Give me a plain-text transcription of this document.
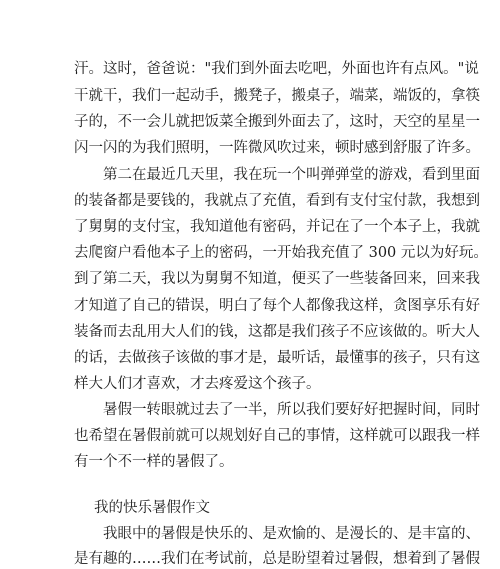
汗。这时，爸爸说："我们到外面去吃吧，外面也许有点风。"说
干就干，我们一起动手，搬凳子，搬桌子，端菜，端饭的，拿筷
子的，不一会儿就把饭菜全搬到外面去了，这时，天空的星星一
闪一闪的为我们照明，一阵微风吹过来，顿时感到舒服了许多。
　　第二在最近几天里，我在玩一个叫弹弹堂的游戏，看到里面
的装备都是要钱的，我就点了充值，看到有支付宝付款，我想到
了舅舅的支付宝，我知道他有密码，并记在了一个本子上，我就
去爬窗户看他本子上的密码，一开始我充值了 300 元以为好玩。
到了第二天，我以为舅舅不知道，便买了一些装备回来，回来我
才知道了自己的错误，明白了每个人都像我这样，贪图享乐有好
装备而去乱用大人们的钱，这都是我们孩子不应该做的。听大人
的话，去做孩子该做的事才是，最听话，最懂事的孩子，只有这
样大人们才喜欢，才去疼爱这个孩子。
　　暑假一转眼就过去了一半，所以我们要好好把握时间，同时
也希望在暑假前就可以规划好自己的事情，这样就可以跟我一样
有一个不一样的暑假了。
我的快乐暑假作文
　　我眼中的暑假是快乐的、是欢愉的、是漫长的、是丰富的、
是有趣的……我们在考试前，总是盼望着过暑假，想着到了暑假
